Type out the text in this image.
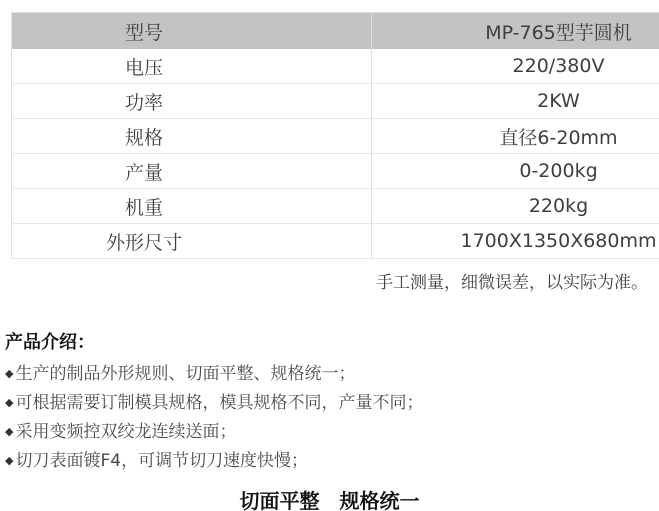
型号	MP-765型芋圆机
电压	220/380V
功率	2KW
规格	直径6-20mm
产量	0-200kg
机重	220kg
外形尺寸	1700X1350X680mm
手工测量，细微误差，以实际为准。
产品介绍：
◆ 生产的制品外形规则、切面平整、规格统一；
◆ 可根据需要订制模具规格，模具规格不同，产量不同；
◆ 采用变频控双绞龙连续送面；
◆ 切刀表面镀F4，可调节切刀速度快慢；
切面平整　规格统一
